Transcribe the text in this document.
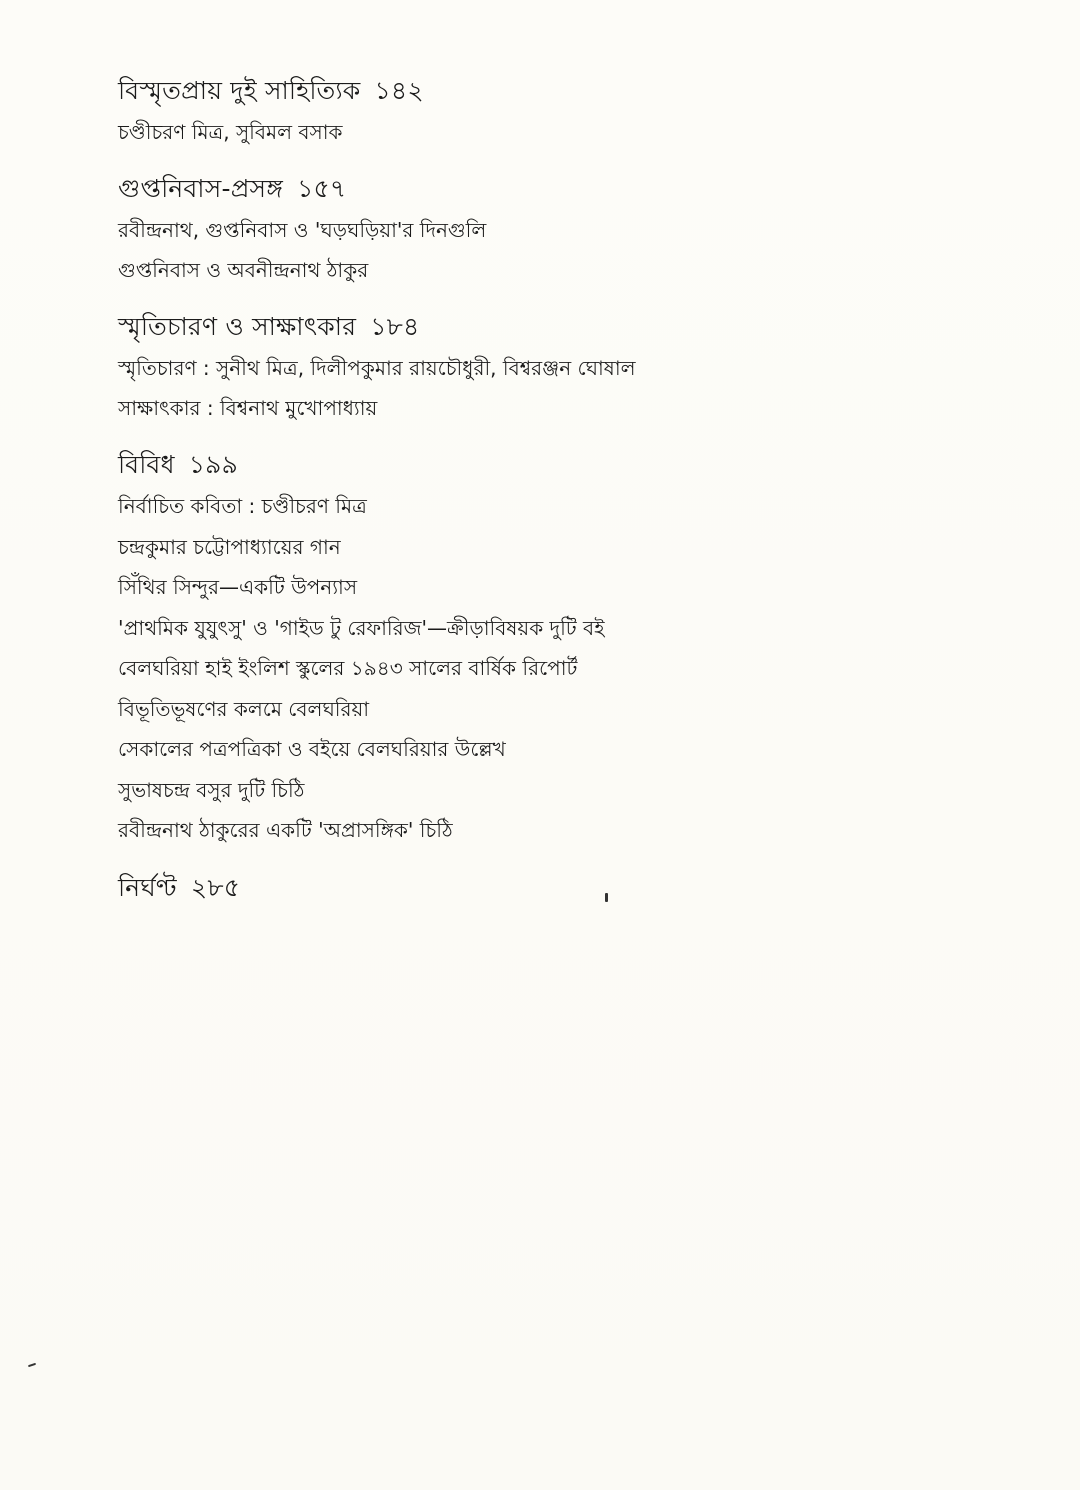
বিস্মৃতপ্রায় দুই সাহিত্যিক ১৪২
চণ্ডীচরণ মিত্র, সুবিমল বসাক
গুপ্তনিবাস-প্রসঙ্গ ১৫৭
রবীন্দ্রনাথ, গুপ্তনিবাস ও 'ঘড়ঘড়িয়া'র দিনগুলি
গুপ্তনিবাস ও অবনীন্দ্রনাথ ঠাকুর
স্মৃতিচারণ ও সাক্ষাৎকার ১৮৪
স্মৃতিচারণ : সুনীথ মিত্র, দিলীপকুমার রায়চৌধুরী, বিশ্বরঞ্জন ঘোষাল
সাক্ষাৎকার : বিশ্বনাথ মুখোপাধ্যায়
বিবিধ ১৯৯
নির্বাচিত কবিতা : চণ্ডীচরণ মিত্র
চন্দ্রকুমার চট্টোপাধ্যায়ের গান
সিঁথির সিন্দুর—একটি উপন্যাস
'প্রাথমিক যুযুৎসু' ও 'গাইড টু রেফারিজ'—ক্রীড়াবিষয়ক দুটি বই
বেলঘরিয়া হাই ইংলিশ স্কুলের ১৯৪৩ সালের বার্ষিক রিপোর্ট
বিভূতিভূষণের কলমে বেলঘরিয়া
সেকালের পত্রপত্রিকা ও বইয়ে বেলঘরিয়ার উল্লেখ
সুভাষচন্দ্র বসুর দুটি চিঠি
রবীন্দ্রনাথ ঠাকুরের একটি 'অপ্রাসঙ্গিক' চিঠি
নির্ঘণ্ট ২৮৫
